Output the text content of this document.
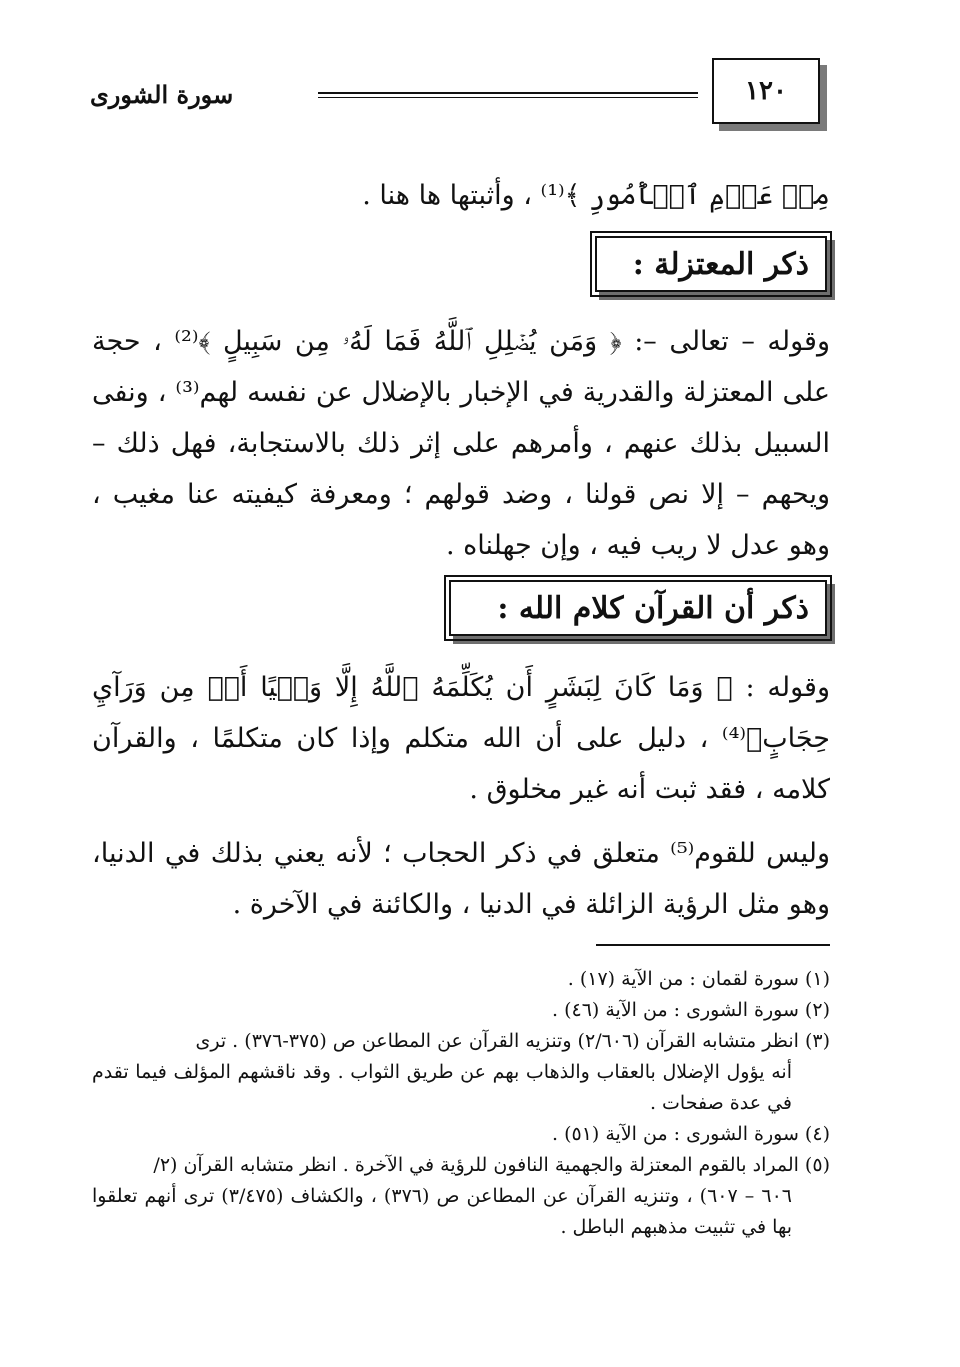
١٢٠
سورة الشورى
مِنۡ عَزۡمِ ٱلۡأُمُورِ ﴾⁽¹⁾ ، وأثبتها ها هنا .
ذكر المعتزلة :
وقوله – تعالى –: ﴿ وَمَن يُضۡلِلِ ٱللَّهُ فَمَا لَهُۥ مِن سَبِيلٍ ﴾⁽²⁾ ، حجة على المعتزلة والقدرية في الإخبار بالإضلال عن نفسه لهم⁽³⁾ ، ونفى السبيل بذلك عنهم ، وأمرهم على إثر ذلك بالاستجابة، فهل ذلك – ويحهم – إلا نص قولنا ، وضد قولهم ؛ ومعرفة كيفيته عنا مغيب ، وهو عدل لا ريب فيه ، وإن جهلناه .
ذكر أن القرآن كلام الله :
وقوله : ﴿ وَمَا كَانَ لِبَشَرٍ أَن يُكَلِّمَهُ ٱللَّهُ إِلَّا وَحۡيًا أَوۡ مِن وَرَآيِ حِجَابٍ﴾⁽⁴⁾ ، دليل على أن الله متكلم وإذا كان متكلمًا ، والقرآن كلامه ، فقد ثبت أنه غير مخلوق .
وليس للقوم⁽⁵⁾ متعلق في ذكر الحجاب ؛ لأنه يعني بذلك في الدنيا، وهو مثل الرؤية الزائلة في الدنيا ، والكائنة في الآخرة .
(١) سورة لقمان : من الآية (١٧) .
(٢) سورة الشورى : من الآية (٤٦) .
(٣) انظر متشابه القرآن (٢/٦٠٦) وتنزيه القرآن عن المطاعن ص (٣٧٥-٣٧٦) . ترى
أنه يؤول الإضلال بالعقاب والذهاب بهم عن طريق الثواب . وقد ناقشهم المؤلف فيما تقدم في عدة صفحات .
(٤) سورة الشورى : من الآية (٥١) .
(٥) المراد بالقوم المعتزلة والجهمية النافون للرؤية في الآخرة . انظر متشابه القرآن (٢/
٦٠٦ – ٦٠٧) ، وتنزيه القرآن عن المطاعن ص (٣٧٦) ، والكشاف (٣/٤٧٥) ترى أنهم تعلقوا بها في تثبيت مذهبهم الباطل .
